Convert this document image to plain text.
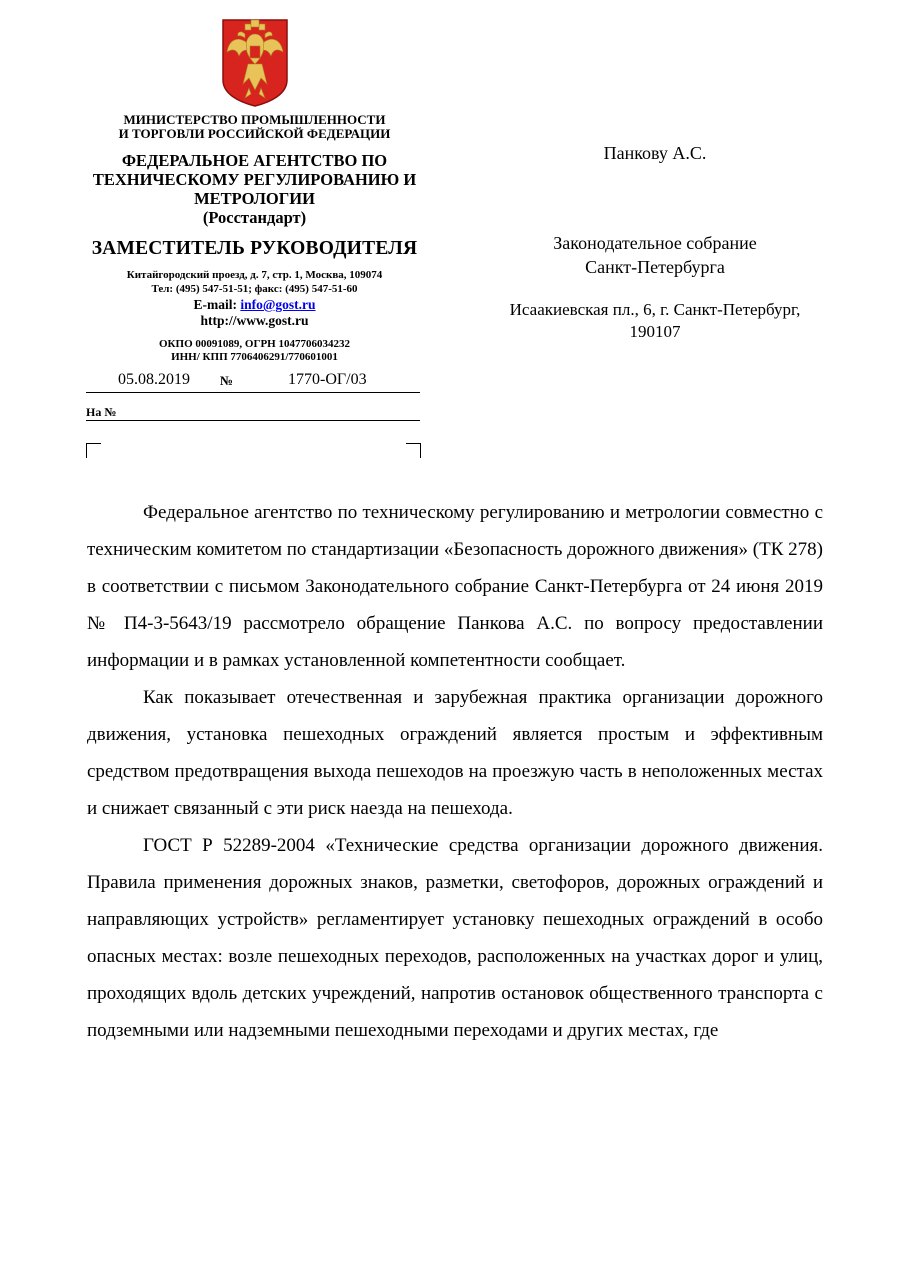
МИНИСТЕРСТВО ПРОМЫШЛЕННОСТИ
И ТОРГОВЛИ РОССИЙСКОЙ ФЕДЕРАЦИИ
ФЕДЕРАЛЬНОЕ АГЕНТСТВО ПО
ТЕХНИЧЕСКОМУ РЕГУЛИРОВАНИЮ И
МЕТРОЛОГИИ
(Росстандарт)
ЗАМЕСТИТЕЛЬ РУКОВОДИТЕЛЯ
Китайгородский проезд, д. 7, стр. 1, Москва, 109074
Тел: (495) 547-51-51; факс: (495) 547-51-60
E-mail: info@gost.ru
http://www.gost.ru
ОКПО 00091089, ОГРН 1047706034232
ИНН/ КПП 7706406291/770601001
05.08.2019 №	1770-ОГ/03
На №
Панкову А.С.
Законодательное собрание
Санкт-Петербурга
Исаакиевская пл., 6, г. Санкт-Петербург,
190107

Федеральное агентство по техническому регулированию и метрологии совместно с техническим комитетом по стандартизации «Безопасность дорожного движения» (ТК 278) в соответствии с письмом Законодательного собрание Санкт-Петербурга от 24 июня 2019 № П4-3-5643/19 рассмотрело обращение Панкова А.С. по вопросу предоставлении информации и в рамках установленной компетентности сообщает.

Как показывает отечественная и зарубежная практика организации дорожного движения, установка пешеходных ограждений является простым и эффективным средством предотвращения выхода пешеходов на проезжую часть в неположенных местах и снижает связанный с эти риск наезда на пешехода.

ГОСТ Р 52289-2004 «Технические средства организации дорожного движения. Правила применения дорожных знаков, разметки, светофоров, дорожных ограждений и направляющих устройств» регламентирует установку пешеходных ограждений в особо опасных местах: возле пешеходных переходов, расположенных на участках дорог и улиц, проходящих вдоль детских учреждений, напротив остановок общественного транспорта с подземными или надземными пешеходными переходами и других местах, где
